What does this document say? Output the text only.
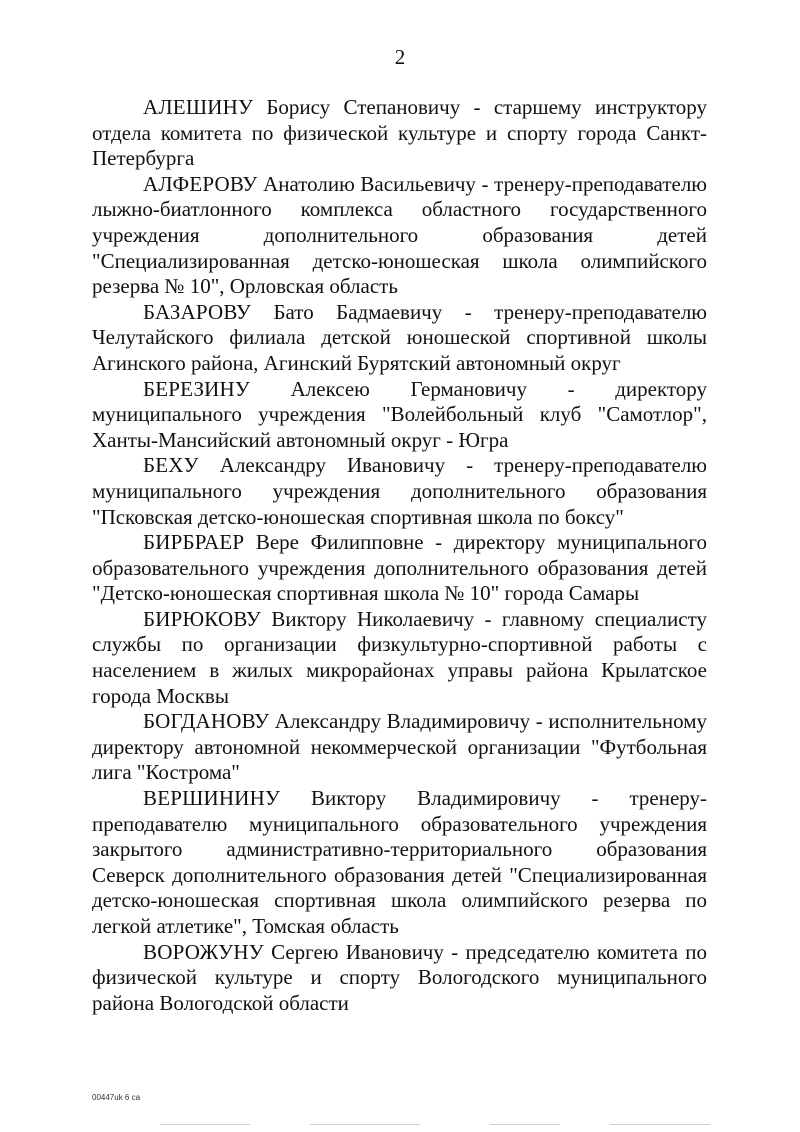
2

АЛЕШИНУ Борису Степановичу - старшему инструктору отдела комитета по физической культуре и спорту города Санкт-Петербурга

АЛФЕРОВУ Анатолию Васильевичу - тренеру-преподавателю лыжно-биатлонного комплекса областного государственного учреждения дополнительного образования детей "Специализированная детско-юношеская школа олимпийского резерва № 10", Орловская область

БАЗАРОВУ Бато Бадмаевичу - тренеру-преподавателю Челутайского филиала детской юношеской спортивной школы Агинского района, Агинский Бурятский автономный округ

БЕРЕЗИНУ Алексею Германовичу - директору муниципального учреждения "Волейбольный клуб "Самотлор", Ханты-Мансийский автономный округ - Югра

БЕХУ Александру Ивановичу - тренеру-преподавателю муниципального учреждения дополнительного образования "Псковская детско-юношеская спортивная школа по боксу"

БИРБРАЕР Вере Филипповне - директору муниципального образовательного учреждения дополнительного образования детей "Детско-юношеская спортивная школа № 10" города Самары

БИРЮКОВУ Виктору Николаевичу - главному специалисту службы по организации физкультурно-спортивной работы с населением в жилых микрорайонах управы района Крылатское города Москвы

БОГДАНОВУ Александру Владимировичу - исполнительному директору автономной некоммерческой организации "Футбольная лига "Кострома"

ВЕРШИНИНУ Виктору Владимировичу - тренеру-преподавателю муниципального образовательного учреждения закрытого административно-территориального образования Северск дополнительного образования детей "Специализированная детско-юношеская спортивная школа олимпийского резерва по легкой атлетике", Томская область

ВОРОЖУНУ Сергею Ивановичу - председателю комитета по физической культуре и спорту Вологодского муниципального района Вологодской области

00447uk 6 ca
